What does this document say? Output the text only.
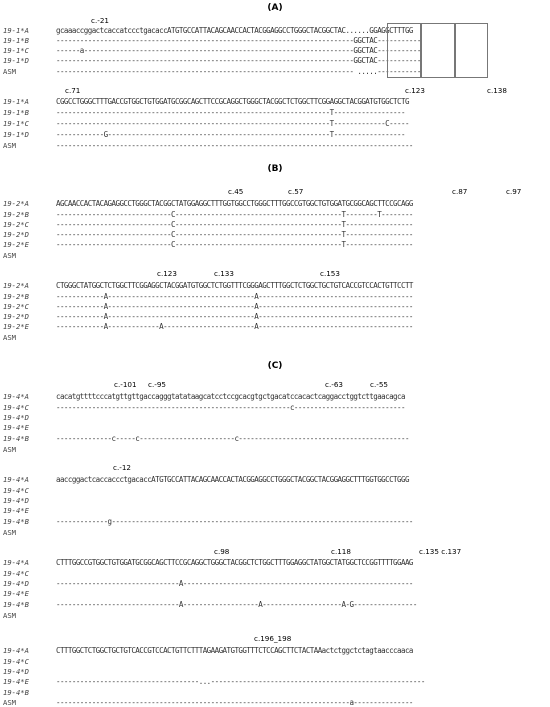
(A)
c.-21
19-1*A	gcaaaccggactcaccatccctgacaccATGTGCCATTACAGCAACCACTACGGAGGCCTGGGCTACGGCTAC......GGAGGCTTTGG
19-1*B	---------------------------------------------------------------------------GGCTAC-----------
19-1*C	------a--------------------------------------------------------------------GGCTAC-----------
19-1*D	---------------------------------------------------------------------------GGCTAC-----------
ASM	--------------------------------------------------------------------------- .....-----------
c.71	c.123	c.138
19-1*A	CGGCCTGGGCTTTGACCGTGGCTGTGGATGCGGCAGCTTCCGCAGGCTGGGCTACGGCTCTGGCTTCGGAGGCTACGGATGTGGCTCTG
19-1*B	---------------------------------------------------------------------T------------------
19-1*C	---------------------------------------------------------------------T-------------C-----
19-1*D	------------G--------------------------------------------------------T------------------
ASM	------------------------------------------------------------------------------------------
(B)
c.45	c.57	c.87	c.97
19-2*A	AGCAACCACTACAGAGGCCTGGGCTACGGCTATGGAGGCTTTGGTGGCCTGGGCTTTGGCCGTGGCTGTGGATGCGGCAGCTTCCGCAGG
19-2*B	-----------------------------C------------------------------------------T--------T--------
19-2*C	-----------------------------C------------------------------------------T-----------------
19-2*D	-----------------------------C------------------------------------------T-----------------
19-2*E	-----------------------------C------------------------------------------T-----------------
ASM
c.123	c.133	c.153
19-2*A	CTGGGCTATGGCTCTGGCTTCGGAGGCTACGGATGTGGCTCTGGTTTCGGGAGCTTTGGCTCTGGCTGCTGTCACCGTCCACTGTTCCTT
19-2*B	------------A-------------------------------------A---------------------------------------
19-2*C	------------A-------------------------------------A---------------------------------------
19-2*D	------------A-------------------------------------A---------------------------------------
19-2*E	------------A-------------A-----------------------A---------------------------------------
ASM
(C)
c.-101 c.-95	c.-63	c.-55
19-4*A	cacatgttttcccatgttgttgaccagggtatataagcatcctccgcacgtgctgacatccacactcaggacctggtcttgaacagca
19-4*C	-----------------------------------------------------------c----------------------------
19-4*D
19-4*E
19-4*B	--------------c-----c------------------------c-------------------------------------------
ASM
c.-12
19-4*A	aaccggactcaccaccctgacaccATGTGCCATTACAGCAACCACTACGGAGGCCTGGGCTACGGCTACGGAGGCTTTGGTGGCCTGGG
19-4*C
19-4*D
19-4*E
19-4*B	-------------g----------------------------------------------------------------------------
ASM
c.98	c.118	c.135 c.137
19-4*A	CTTTGGCCGTGGCTGTGGATGCGGCAGCTTCCGCAGGCTGGGCTACGGCTCTGGCTTTGGAGGCTATGGCTATGGCTCCGGTTTTGGAAG
19-4*C
19-4*D	-------------------------------A----------------------------------------------------------
19-4*E
19-4*B	-------------------------------A-------------------A--------------------A-G----------------
ASM
c.196_198
19-4*A	CTTTGGCTCTGGCTGCTGTCACCGTCCACTGTTCTTTAGAAGATGTGGTTTCTCCAGCTTCTACTAAactctggctctagtaacccaaca
19-4*C
19-4*D
19-4*E	------------------------------------...------------------------------------------------------
19-4*B
ASM	--------------------------------------------------------------------------a---------------
